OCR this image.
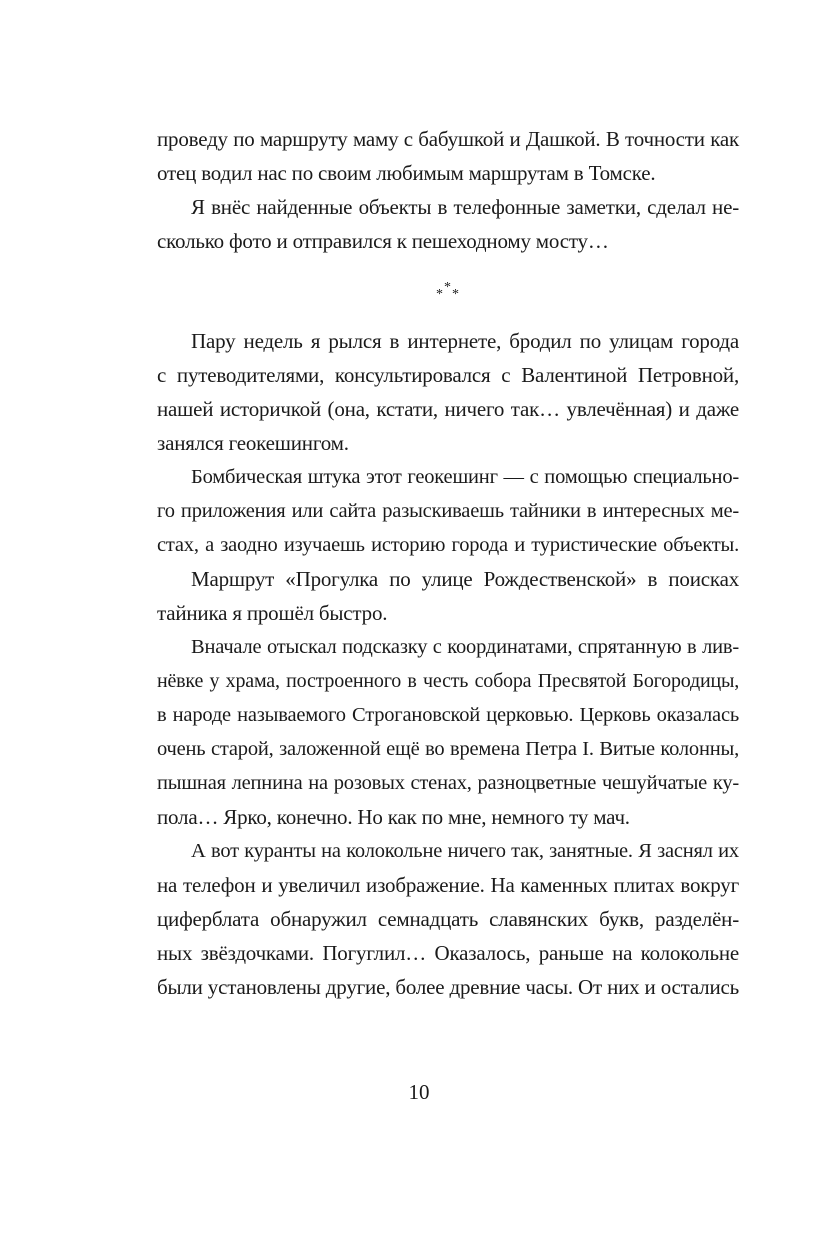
проведу по маршруту маму с бабушкой и Дашкой. В точности как
отец водил нас по своим любимым маршрутам в Томске.
Я внёс найденные объекты в телефонные заметки, сделал не-
сколько фото и отправился к пешеходному мосту…
* * *
Пару недель я рылся в интернете, бродил по улицам города
с путеводителями, консультировался с Валентиной Петровной,
нашей историчкой (она, кстати, ничего так… увлечённая) и даже
занялся геокешингом.
Бомбическая штука этот геокешинг — с помощью специально-
го приложения или сайта разыскиваешь тайники в интересных ме-
стах, а заодно изучаешь историю города и туристические объекты.
Маршрут «Прогулка по улице Рождественской» в поисках
тайника я прошёл быстро.
Вначале отыскал подсказку с координатами, спрятанную в лив-
нёвке у храма, построенного в честь собора Пресвятой Богородицы,
в народе называемого Строгановской церковью. Церковь оказалась
очень старой, заложенной ещё во времена Петра I. Витые колонны,
пышная лепнина на розовых стенах, разноцветные чешуйчатые ку-
пола… Ярко, конечно. Но как по мне, немного ту мач.
А вот куранты на колокольне ничего так, занятные. Я заснял их
на телефон и увеличил изображение. На каменных плитах вокруг
циферблата обнаружил семнадцать славянских букв, разделён-
ных звёздочками. Погуглил… Оказалось, раньше на колокольне
были установлены другие, более древние часы. От них и остались
10
